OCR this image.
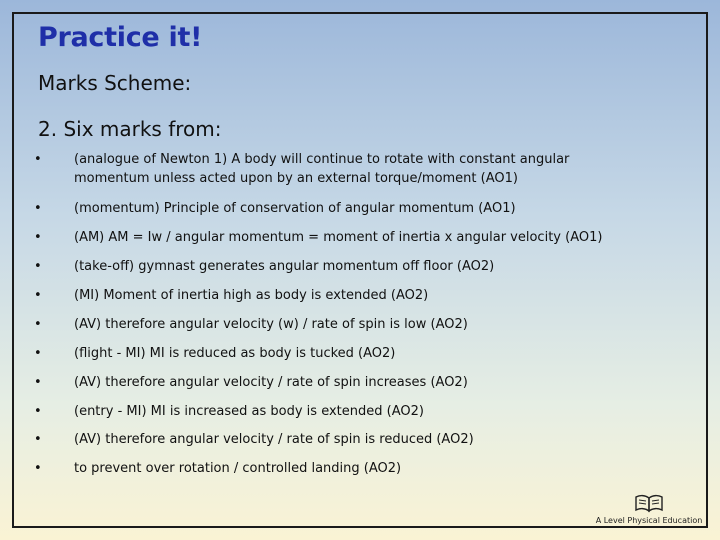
Practice it!
Marks Scheme:
2. Six marks from:
• (analogue of Newton 1) A body will continue to rotate with constant angular momentum unless acted upon by an external torque/moment (AO1)
• (momentum) Principle of conservation of angular momentum (AO1)
• (AM) AM = Iw / angular momentum = moment of inertia x angular velocity (AO1)
• (take-off) gymnast generates angular momentum off floor (AO2)
• (MI) Moment of inertia high as body is extended (AO2)
• (AV) therefore angular velocity (w) / rate of spin is low (AO2)
• (flight - MI) MI is reduced as body is tucked (AO2)
• (AV) therefore angular velocity / rate of spin increases (AO2)
• (entry - MI) MI is increased as body is extended (AO2)
• (AV) therefore angular velocity / rate of spin is reduced (AO2)
• to prevent over rotation / controlled landing (AO2)
A Level Physical Education
